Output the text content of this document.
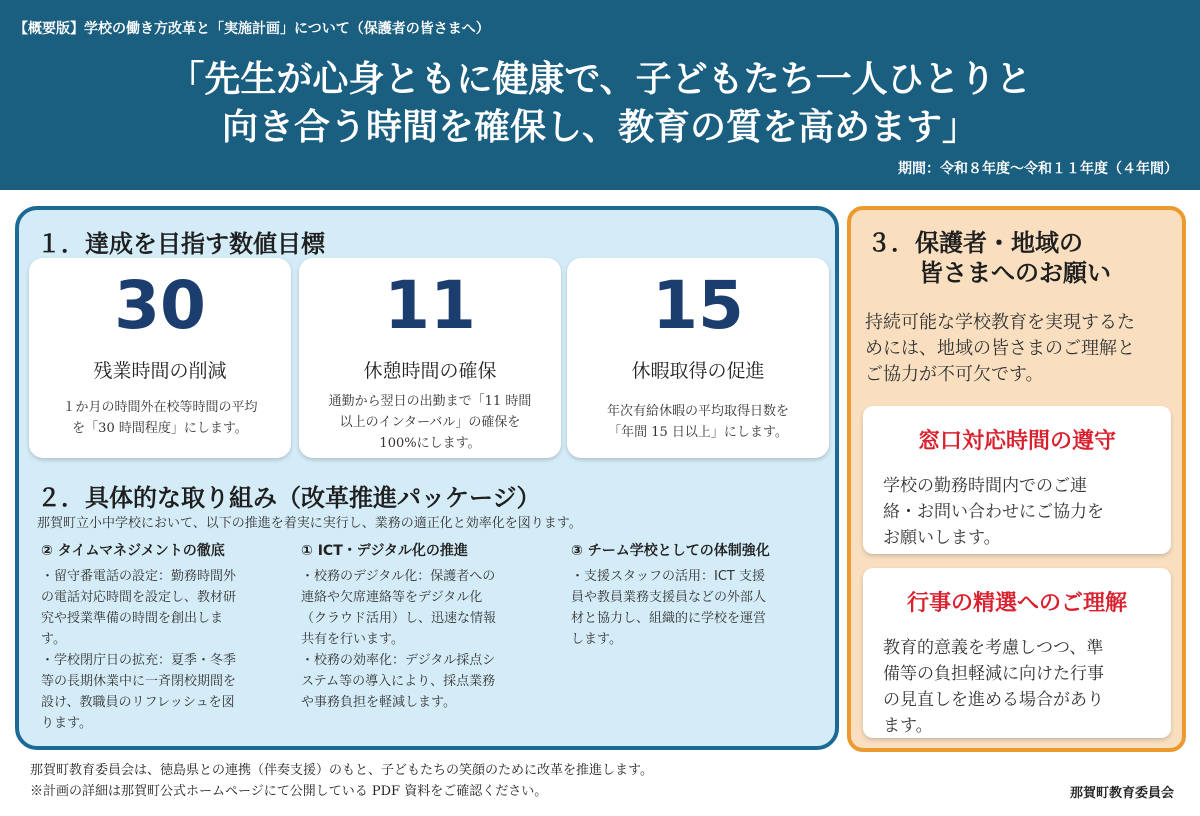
【概要版】学校の働き方改革と「実施計画」について（保護者の皆さまへ）
「先生が心身ともに健康で、子どもたち一人ひとりと
向き合う時間を確保し、教育の質を高めます」
期間：令和８年度〜令和１１年度（４年間）
１．達成を目指す数値目標
30
残業時間の削減
１か月の時間外在校等時間の平均
を「30 時間程度」にします。
11
休憩時間の確保
通勤から翌日の出勤まで「11 時間
以上のインターバル」の確保を
100%にします。
15
休暇取得の促進
年次有給休暇の平均取得日数を
「年間 15 日以上」にします。
２．具体的な取り組み（改革推進パッケージ）
那賀町立小中学校において、以下の推進を着実に実行し、業務の適正化と効率化を図ります。
② タイムマネジメントの徹底
・留守番電話の設定：勤務時間外
の電話対応時間を設定し、教材研
究や授業準備の時間を創出しま
す。
・学校閉庁日の拡充：夏季・冬季
等の長期休業中に一斉閉校期間を
設け、教職員のリフレッシュを図
ります。
① ICT・デジタル化の推進
・校務のデジタル化：保護者への
連絡や欠席連絡等をデジタル化
（クラウド活用）し、迅速な情報
共有を行います。
・校務の効率化：デジタル採点シ
ステム等の導入により、採点業務
や事務負担を軽減します。
③ チーム学校としての体制強化
・支援スタッフの活用：ICT 支援
員や教員業務支援員などの外部人
材と協力し、組織的に学校を運営
します。
３．保護者・地域の
皆さまへのお願い
持続可能な学校教育を実現するた
めには、地域の皆さまのご理解と
ご協力が不可欠です。
窓口対応時間の遵守
学校の勤務時間内でのご連
絡・お問い合わせにご協力を
お願いします。
行事の精選へのご理解
教育的意義を考慮しつつ、準
備等の負担軽減に向けた行事
の見直しを進める場合があり
ます。
那賀町教育委員会は、徳島県との連携（伴奏支援）のもと、子どもたちの笑顔のために改革を推進します。
※計画の詳細は那賀町公式ホームページにて公開している PDF 資料をご確認ください。	那賀町教育委員会
